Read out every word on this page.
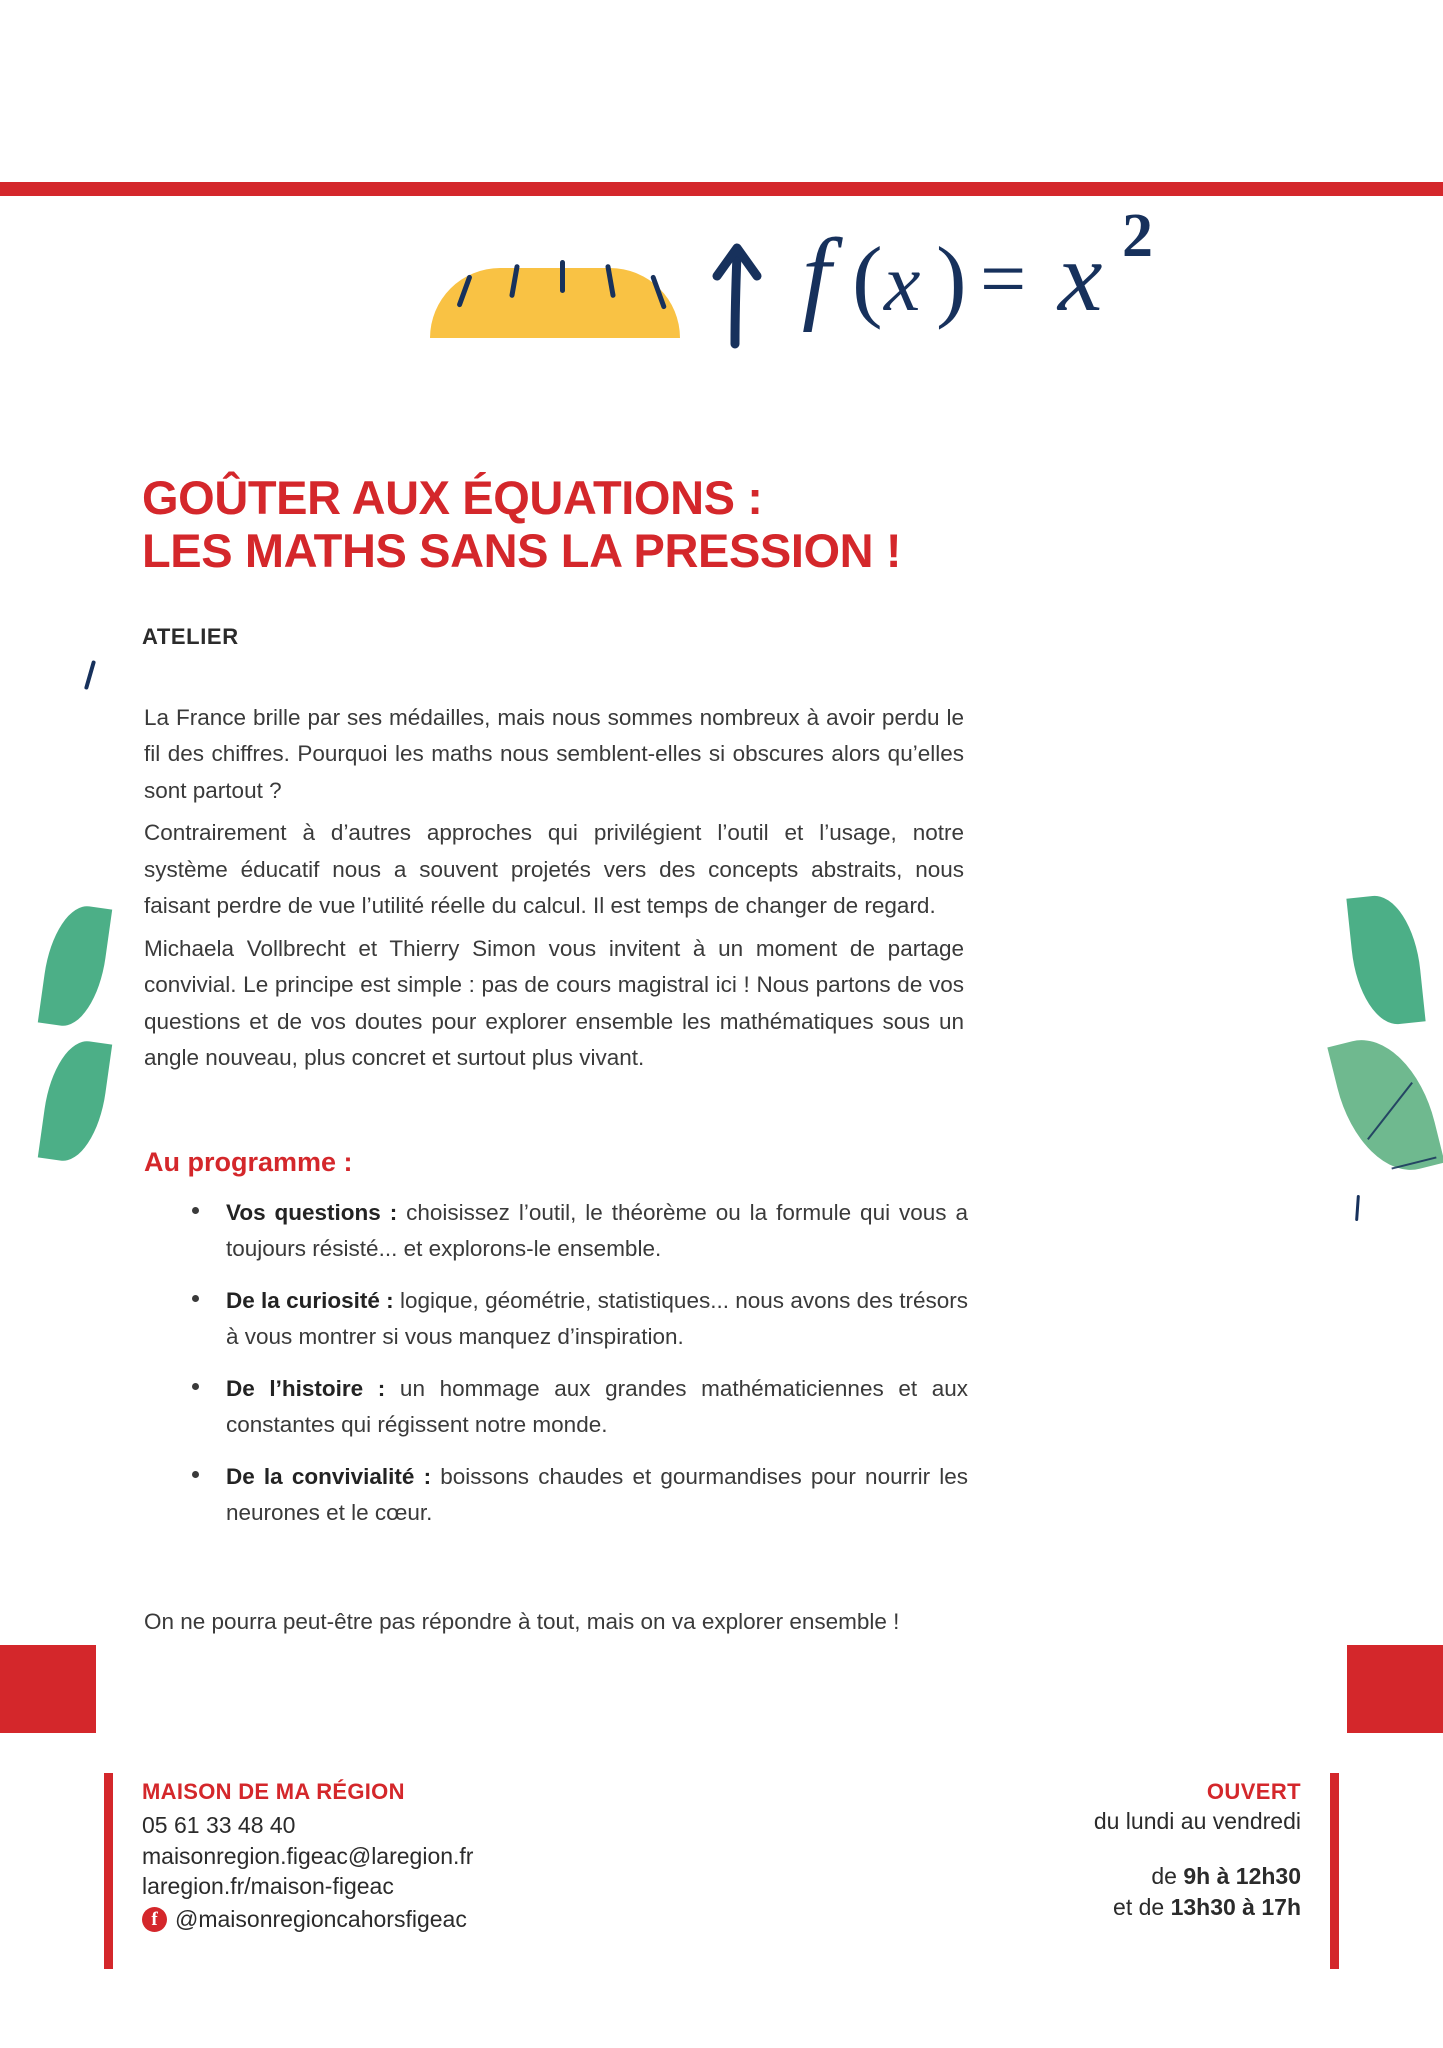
f ( x ) = x 2
GOÛTER AUX ÉQUATIONS :
LES MATHS SANS LA PRESSION !
ATELIER

La France brille par ses médailles, mais nous sommes nombreux à avoir perdu le fil des chiffres. Pourquoi les maths nous semblent-elles si obscures alors qu’elles sont partout ?

Contrairement à d’autres approches qui privilégient l’outil et l’usage, notre système éducatif nous a souvent projetés vers des concepts abstraits, nous faisant perdre de vue l’utilité réelle du calcul. Il est temps de changer de regard.

Michaela Vollbrecht et Thierry Simon vous invitent à un moment de partage convivial. Le principe est simple : pas de cours magistral ici ! Nous partons de vos questions et de vos doutes pour explorer ensemble les mathématiques sous un angle nouveau, plus concret et surtout plus vivant.

Au programme :
Vos questions : choisissez l’outil, le théorème ou la formule qui vous a toujours résisté... et explorons-le ensemble.
De la curiosité : logique, géométrie, statistiques... nous avons des trésors à vous montrer si vous manquez d’inspiration.
De l’histoire : un hommage aux grandes mathématiciennes et aux constantes qui régissent notre monde.
De la convivialité : boissons chaudes et gourmandises pour nourrir les neurones et le cœur.
On ne pourra peut-être pas répondre à tout, mais on va explorer ensemble !
MAISON DE MA RÉGION
05 61 33 48 40
maisonregion.figeac@laregion.fr
laregion.fr/maison-figeac
f @maisonregioncahorsfigeac
OUVERT
du lundi au vendredi
de 9h à 12h30
et de 13h30 à 17h
